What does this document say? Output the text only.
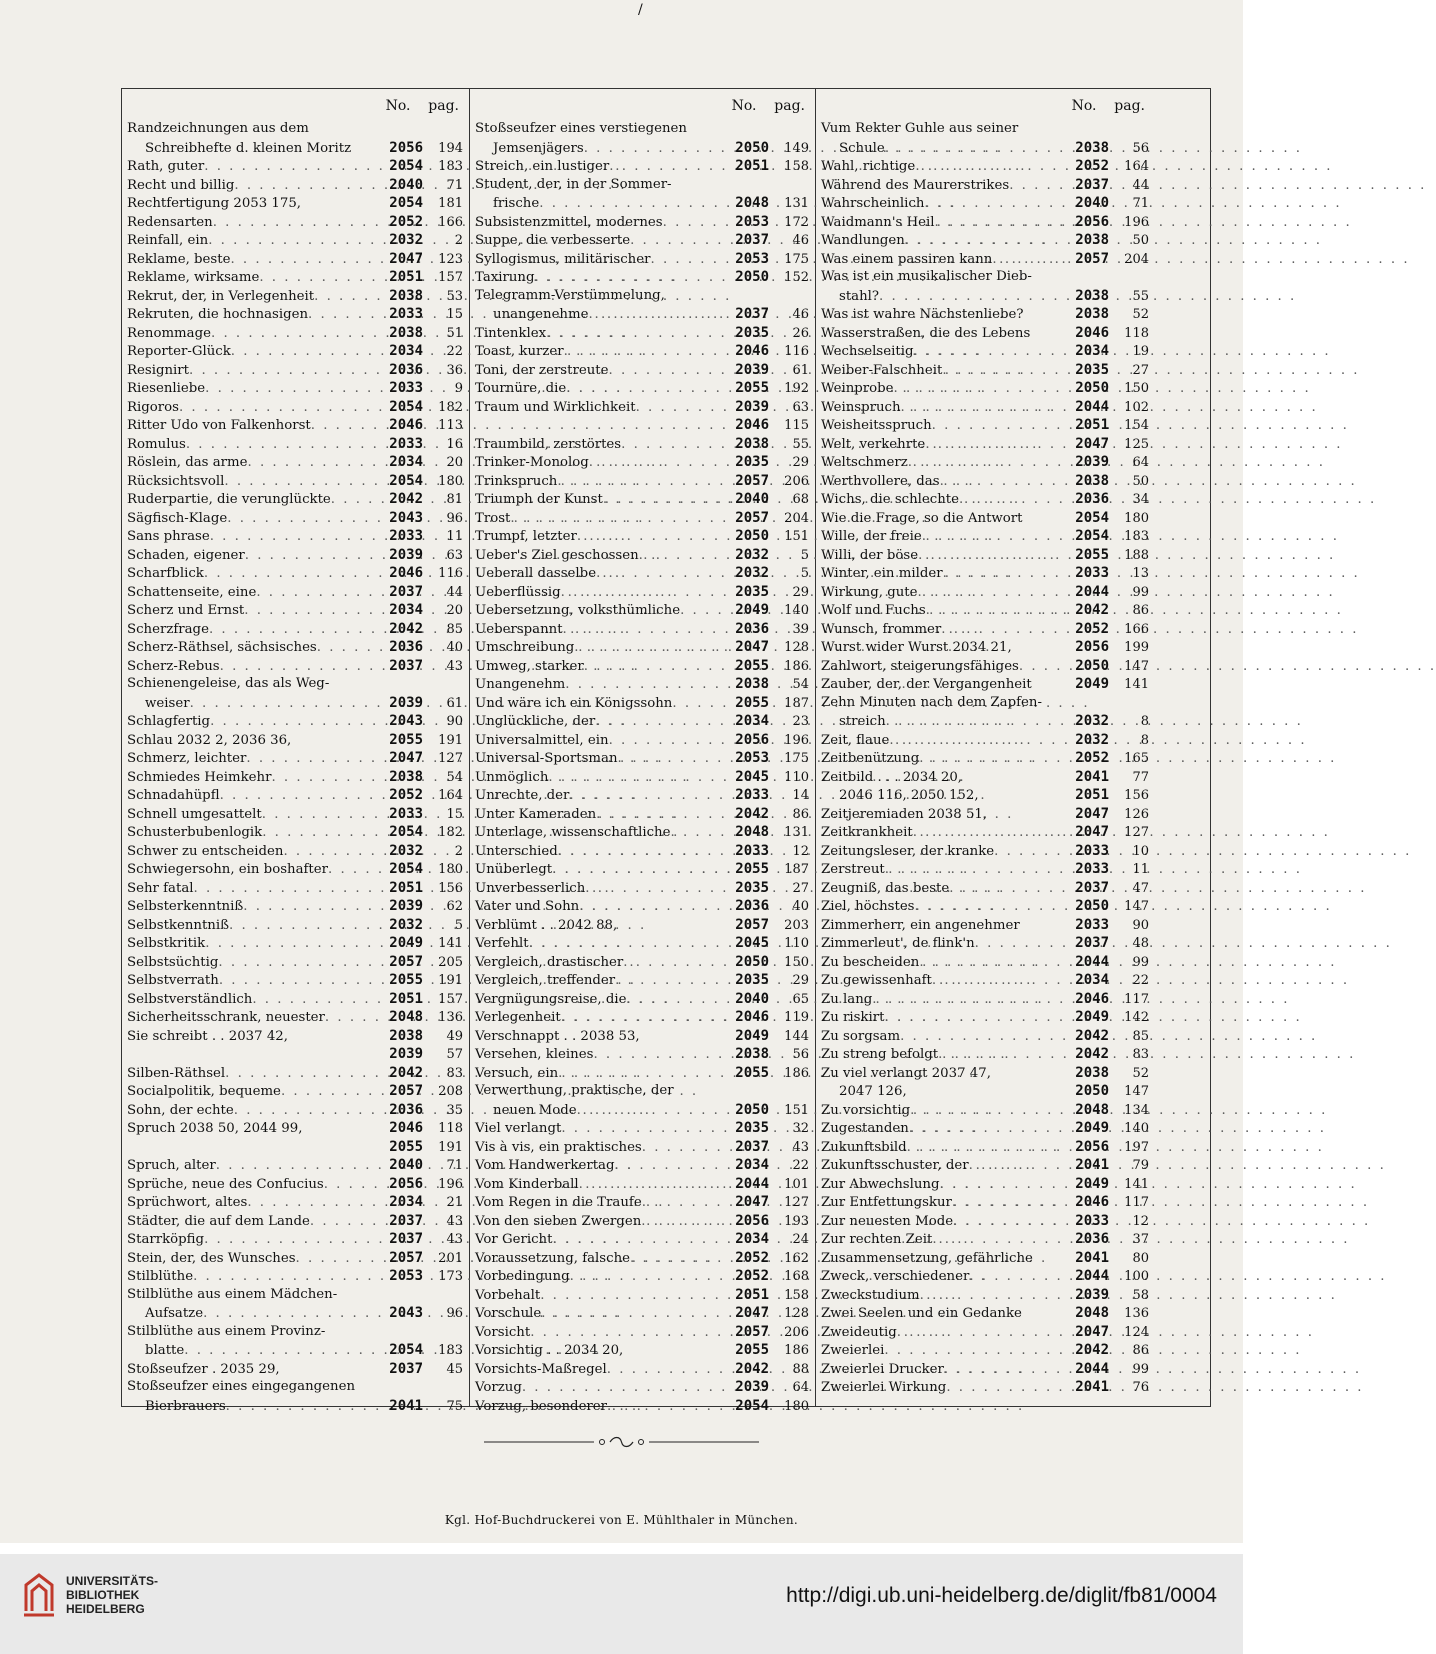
/
No. pag.
Randzeichnungen aus dem
Schreibhefte d. kleinen Moritz	2056	194
Rath, guter . . .	2054	183
Recht und billig . . .	2040	71
Rechtfertigung 2053 175,	2054	181
Redensarten . . .	2052	166
Reinfall, ein . . .	2032	2
Reklame, beste . . .	2047	123
Reklame, wirksame . . .	2051	157
Rekrut, der, in Verlegenheit . . .	2038	53
Rekruten, die hochnasigen . . .	2033	15
Renommage . . .	2038	51
Reporter-Glück . . .	2034	22
Resignirt . . .	2036	36
Riesenliebe . . .	2033	9
Rigoros . . .	2054	182
Ritter Udo von Falkenhorst . . .	2046	113
Romulus . . .	2033	16
Röslein, das arme . . .	2034	20
Rücksichtsvoll . . .	2054	180
Ruderpartie, die verunglückte . . .	2042	81
Sägfisch-Klage . . .	2043	96
Sans phrase . . .	2033	11
Schaden, eigener . . .	2039	63
Scharfblick . . .	2046	116
Schattenseite, eine . . .	2037	44
Scherz und Ernst . . .	2034	20
Scherzfrage . . .	2042	85
Scherz-Räthsel, sächsisches . . .	2036	40
Scherz-Rebus . . .	2037	43
Schienengeleise, das als Weg-
weiser . . .	2039	61
Schlagfertig . . .	2043	90
Schlau 2032 2, 2036 36,	2055	191
Schmerz, leichter . . .	2047	127
Schmiedes Heimkehr . . .	2038	54
Schnadahüpfl . . .	2052	164
Schnell umgesattelt . . .	2033	15
Schusterbubenlogik . . .	2054	182
Schwer zu entscheiden . . .	2032	2
Schwiegersohn, ein boshafter . . .	2054	180
Sehr fatal . . .	2051	156
Selbsterkenntniß . . .	2039	62
Selbstkenntniß . . .	2032	5
Selbstkritik . . .	2049	141
Selbstsüchtig . . .	2057	205
Selbstverrath . . .	2055	191
Selbstverständlich . . .	2051	157
Sicherheitsschrank, neuester . . .	2048	136
Sie schreibt . . 2037 42,	2038	49
2039	57
Silben-Räthsel . . .	2042	83
Socialpolitik, bequeme . . .	2057	208
Sohn, der echte . . .	2036	35
Spruch 2038 50, 2044 99,	2046	118
2055	191
Spruch, alter . . .	2040	71
Sprüche, neue des Confucius . . .	2056	196
Sprüchwort, altes . . .	2034	21
Städter, die auf dem Lande . . .	2037	43
Starrköpfig . . .	2037	43
Stein, der, des Wunsches . . .	2057	201
Stilblüthe . . .	2053	173
Stilblüthe aus einem Mädchen-
Aufsatze . . .	2043	96
Stilblüthe aus einem Provinz-
blatte . . .	2054	183
Stoßseufzer . 2035 29,	2037	45
Stoßseufzer eines eingegangenen
Bierbrauers . . .	2041	75
No. pag.
Stoßseufzer eines verstiegenen
Jemsenjägers . . .	2050	149
Streich, ein lustiger . . .	2051	158
Student, der, in der Sommer-
frische . . .	2048	131
Subsistenzmittel, modernes . . .	2053	172
Suppe, die verbesserte . . .	2037	46
Syllogismus, militärischer . . .	2053	175
Taxirung . . .	2050	152
Telegramm-Verstümmelung,
unangenehme . . .	2037	46
Tintenklex . . .	2035	26
Toast, kurzer . . .	2046	116
Toni, der zerstreute . . .	2039	61
Tournüre, die . . .	2055	192
Traum und Wirklichkeit . . .	2039	63
2046	115
Traumbild, zerstörtes . . .	2038	55
Trinker-Monolog . . .	2035	29
Trinkspruch . . .	2057	206
Triumph der Kunst . . .	2040	68
Trost . . .	2057	204
Trumpf, letzter . . .	2050	151
Ueber's Ziel geschossen . . .	2032	5
Ueberall dasselbe . . .	2032	5
Ueberflüssig . . .	2035	29
Uebersetzung, volksthümliche . . .	2049	140
Ueberspannt . . .	2036	39
Umschreibung . . .	2047	128
Umweg, starker . . .	2055	186
Unangenehm . . .	2038	54
Und wäre ich ein Königssohn . . .	2055	187
Unglückliche, der . . .	2034	23
Universalmittel, ein . . .	2056	196
Universal-Sportsman . . .	2053	175
Unmöglich . . .	2045	110
Unrechte, der . . .	2033	14
Unter Kameraden . . .	2042	86
Unterlage, wissenschaftliche . . .	2048	131
Unterschied . . .	2033	12
Unüberlegt . . .	2055	187
Unverbesserlich . . .	2035	27
Vater und Sohn . . .	2036	40
Verblümt . . 2042 88,	2057	203
Verfehlt . . .	2045	110
Vergleich, drastischer . . .	2050	150
Vergleich, treffender . . .	2035	29
Vergnügungsreise, die . . .	2040	65
Verlegenheit . . .	2046	119
Verschnappt . . 2038 53,	2049	144
Versehen, kleines . . .	2038	56
Versuch, ein . . .	2055	186
Verwerthung, praktische, der
neuen Mode . . .	2050	151
Viel verlangt . . .	2035	32
Vis à vis, ein praktisches . . .	2037	43
Vom Handwerkertag . . .	2034	22
Vom Kinderball . . .	2044	101
Vom Regen in die Traufe . . .	2047	127
Von den sieben Zwergen . . .	2056	193
Vor Gericht . . .	2034	24
Voraussetzung, falsche . . .	2052	162
Vorbedingung . . .	2052	168
Vorbehalt . . .	2051	158
Vorschule . . .	2047	128
Vorsicht . . .	2057	206
Vorsichtig . . 2034 20,	2055	186
Vorsichts-Maßregel . . .	2042	88
Vorzug . . .	2039	64
Vorzug, besonderer . . .	2054	180
No. pag.
Vum Rekter Guhle aus seiner
Schule . . .	2038	56
Wahl, richtige . . .	2052	164
Während des Maurerstrikes . . .	2037	44
Wahrscheinlich . . .	2040	71
Waidmann's Heil . . .	2056	196
Wandlungen . . .	2038	50
Was einem passiren kann . . .	2057	204
Was ist ein musikalischer Dieb-
stahl? . . .	2038	55
Was ist wahre Nächstenliebe?	2038	52
Wasserstraßen, die des Lebens	2046	118
Wechselseitig . . .	2034	19
Weiber-Falschheit . . .	2035	27
Weinprobe . . .	2050	150
Weinspruch . . .	2044	102
Weisheitsspruch . . .	2051	154
Welt, verkehrte . . .	2047	125
Weltschmerz . . .	2039	64
Werthvollere, das . . .	2038	50
Wichs, die schlechte . . .	2036	34
Wie die Frage, so die Antwort	2054	180
Wille, der freie . . .	2054	183
Willi, der böse . . .	2055	188
Winter, ein milder . . .	2033	13
Wirkung, gute . . .	2044	99
Wolf und Fuchs . . .	2042	86
Wunsch, frommer . . .	2052	166
Wurst wider Wurst 2034 21,	2056	199
Zahlwort, steigerungsfähiges . . .	2050	147
Zauber, der, der Vergangenheit	2049	141
Zehn Minuten nach dem Zapfen-
streich . . .	2032	8
Zeit, flaue . . .	2032	8
Zeitbenützung . . .	2052	165
Zeitbild . . . 2034 20,	2041	77
2046 116, 2050 152,	2051	156
Zeitjeremiaden 2038 51,	2047	126
Zeitkrankheit . . .	2047	127
Zeitungsleser, der kranke . . .	2033	10
Zerstreut . . .	2033	11
Zeugniß, das beste . . .	2037	47
Ziel, höchstes . . .	2050	147
Zimmerherr, ein angenehmer	2033	90
Zimmerleut', de flink'n . . .	2037	48
Zu bescheiden . . .	2044	99
Zu gewissenhaft . . .	2034	22
Zu lang . . .	2046	117
Zu riskirt . . .	2049	142
Zu sorgsam . . .	2042	85
Zu streng befolgt . . .	2042	83
Zu viel verlangt 2037 47,	2038	52
2047 126,	2050	147
Zu vorsichtig . . .	2048	134
Zugestanden . . .	2049	140
Zukunftsbild . . .	2056	197
Zukunftsschuster, der . . .	2041	79
Zur Abwechslung . . .	2049	141
Zur Entfettungskur . . .	2046	117
Zur neuesten Mode . . .	2033	12
Zur rechten Zeit . . .	2036	37
Zusammensetzung, gefährliche	2041	80
Zweck, verschiedener . . .	2044	100
Zweckstudium . . .	2039	58
Zwei Seelen und ein Gedanke	2048	136
Zweideutig . . .	2047	124
Zweierlei . . .	2042	86
Zweierlei Drucker . . .	2044	99
Zweierlei Wirkung . . .	2041	76
Kgl. Hof-Buchdruckerei von E. Mühlthaler in München.
UNIVERSITÄTS-
BIBLIOTHEK
HEIDELBERG
http://digi.ub.uni-heidelberg.de/diglit/fb81/0004
